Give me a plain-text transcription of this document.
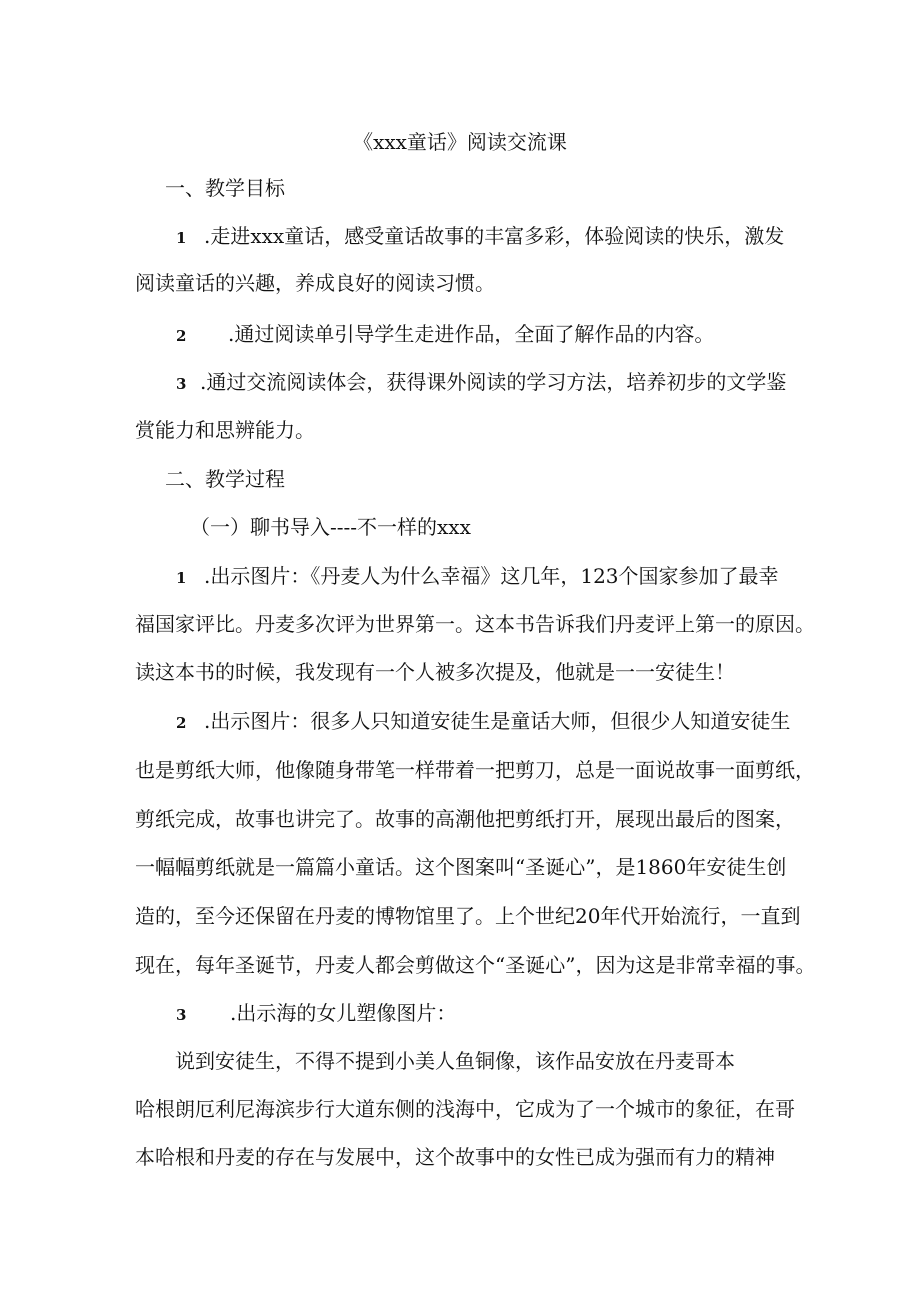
《xxx童话》阅读交流课
一、教学目标
1 .走进xxx童话，感受童话故事的丰富多彩，体验阅读的快乐，激发
阅读童话的兴趣，养成良好的阅读习惯。
2 .通过阅读单引导学生走进作品，全面了解作品的内容。
3 .通过交流阅读体会，获得课外阅读的学习方法，培养初步的文学鉴
赏能力和思辨能力。
二、教学过程
（一）聊书导入----不一样的xxx
1 .出示图片：《丹麦人为什么幸福》这几年，123个国家参加了最幸
福国家评比。丹麦多次评为世界第一。这本书告诉我们丹麦评上第一的原因。
读这本书的时候，我发现有一个人被多次提及，他就是一一安徒生！
2 .出示图片：很多人只知道安徒生是童话大师，但很少人知道安徒生
也是剪纸大师，他像随身带笔一样带着一把剪刀，总是一面说故事一面剪纸，
剪纸完成，故事也讲完了。故事的高潮他把剪纸打开，展现出最后的图案，
一幅幅剪纸就是一篇篇小童话。这个图案叫“圣诞心”，是1860年安徒生创
造的，至今还保留在丹麦的博物馆里了。上个世纪20年代开始流行，一直到
现在，每年圣诞节，丹麦人都会剪做这个“圣诞心”，因为这是非常幸福的事。
3 .出示海的女儿塑像图片：
说到安徒生，不得不提到小美人鱼铜像，该作品安放在丹麦哥本
哈根朗厄利尼海滨步行大道东侧的浅海中，它成为了一个城市的象征，在哥
本哈根和丹麦的存在与发展中，这个故事中的女性已成为强而有力的精神
